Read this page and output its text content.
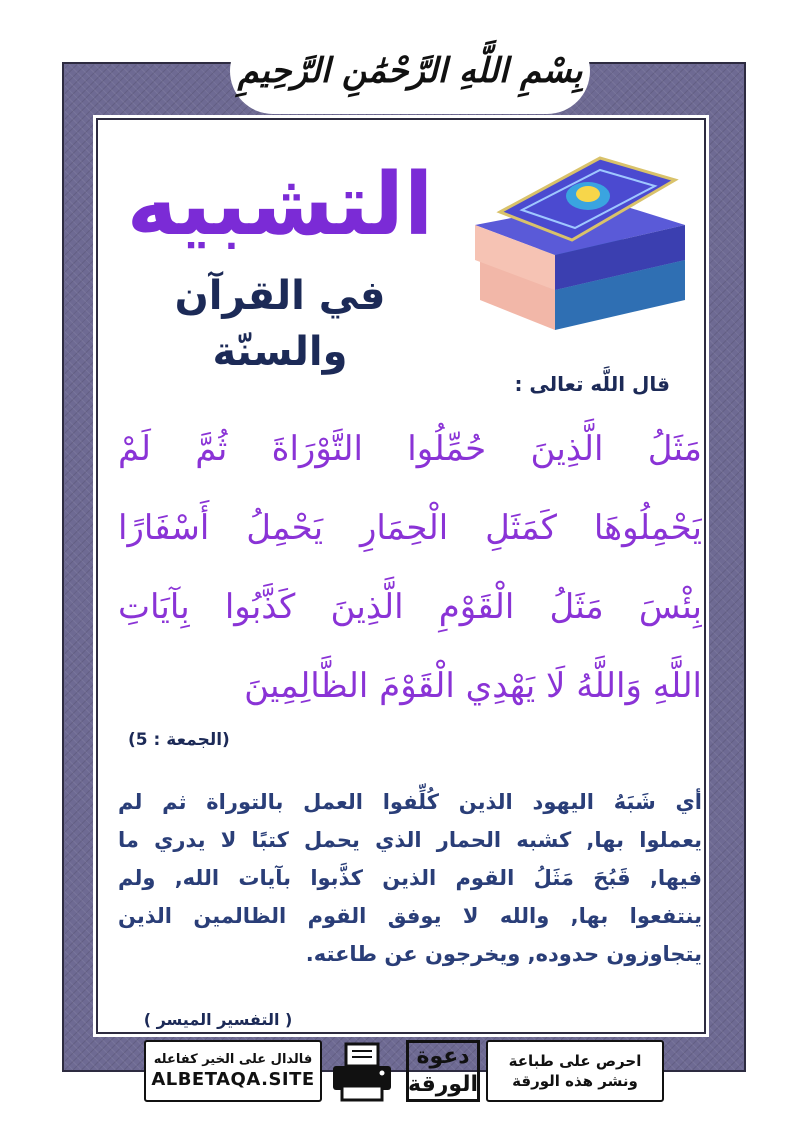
بِسْمِ اللَّهِ الرَّحْمَٰنِ الرَّحِيمِ
التشبيه
في القرآن والسنّة
قال اللَّه تعالى :
مَثَلُ الَّذِينَ حُمِّلُوا التَّوْرَاةَ ثُمَّ لَمْ
يَحْمِلُوهَا كَمَثَلِ الْحِمَارِ يَحْمِلُ أَسْفَارًا
بِئْسَ مَثَلُ الْقَوْمِ الَّذِينَ كَذَّبُوا بِآيَاتِ
اللَّهِ وَاللَّهُ لَا يَهْدِي الْقَوْمَ الظَّالِمِينَ
(الجمعة : 5)
أي شَبَهُ اليهود الذين كُلِّفوا العمل بالتوراة ثم لم
يعملوا بها, كشبه الحمار الذي يحمل كتبًا لا يدري ما
فيها, قَبُحَ مَثَلُ القوم الذين كذَّبوا بآيات الله, ولم
ينتفعوا بها, والله لا يوفق القوم الظالمين الذين
يتجاوزون حدوده, ويخرجون عن طاعته.
( التفسير الميسر )
فالدال على الخير كفاعله
ALBETAQA.SITE
دعوة
الورقة
احرص على طباعة
ونشر هذه الورقة
